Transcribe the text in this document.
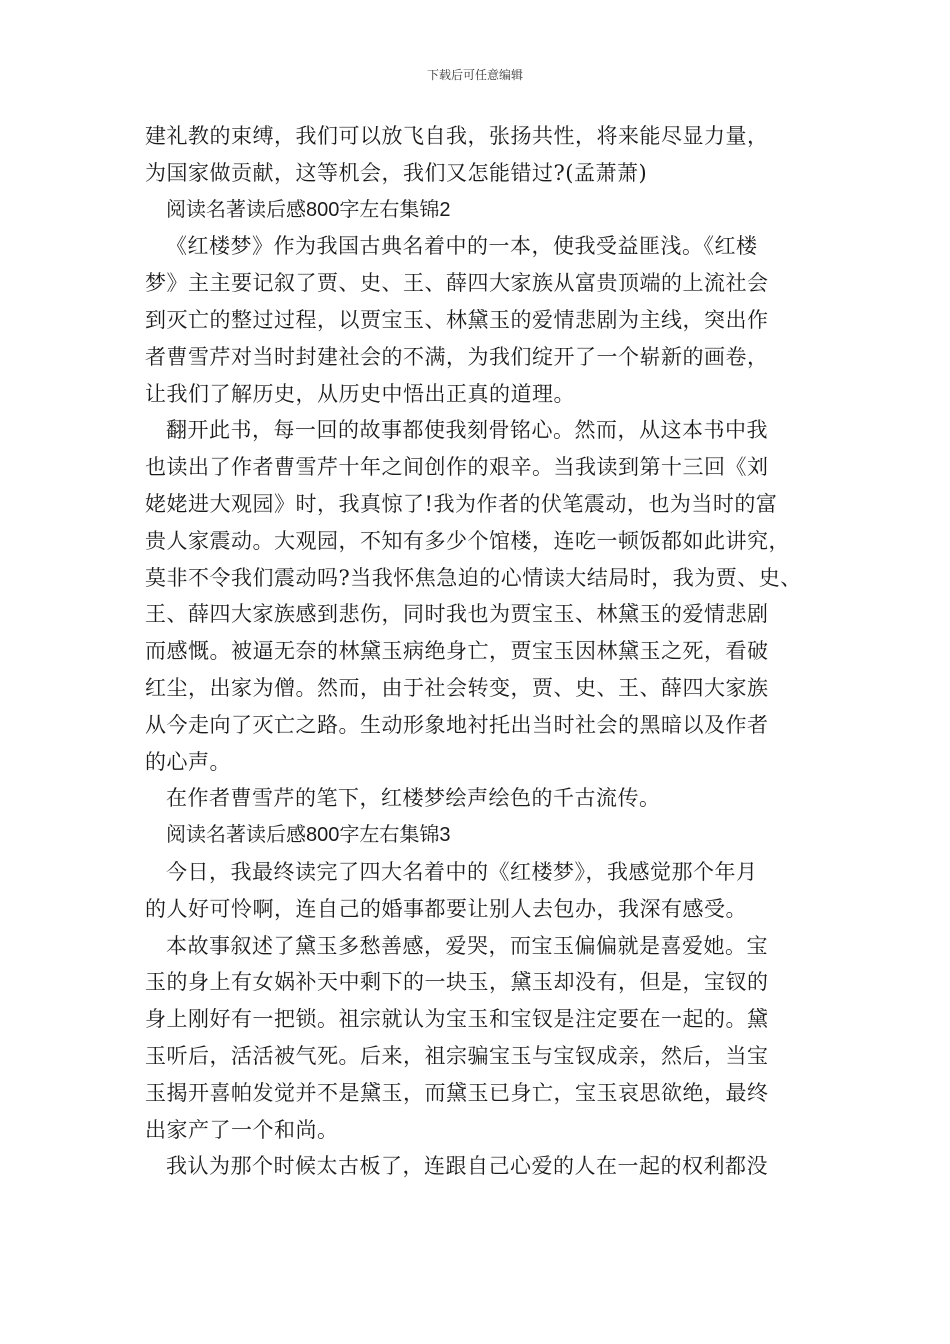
下载后可任意编辑
建礼教的束缚，我们可以放飞自我，张扬共性，将来能尽显力量，
为国家做贡献，这等机会，我们又怎能错过?(孟萧萧)
阅读名著读后感800字左右集锦2
《红楼梦》作为我国古典名着中的一本，使我受益匪浅。《红楼
梦》主主要记叙了贾、史、王、薛四大家族从富贵顶端的上流社会
到灭亡的整过过程，以贾宝玉、林黛玉的爱情悲剧为主线，突出作
者曹雪芹对当时封建社会的不满，为我们绽开了一个崭新的画卷，
让我们了解历史，从历史中悟出正真的道理。
翻开此书，每一回的故事都使我刻骨铭心。然而，从这本书中我
也读出了作者曹雪芹十年之间创作的艰辛。当我读到第十三回《刘
姥姥进大观园》时，我真惊了!我为作者的伏笔震动，也为当时的富
贵人家震动。大观园，不知有多少个馆楼，连吃一顿饭都如此讲究，
莫非不令我们震动吗?当我怀焦急迫的心情读大结局时，我为贾、史、
王、薛四大家族感到悲伤，同时我也为贾宝玉、林黛玉的爱情悲剧
而感慨。被逼无奈的林黛玉病绝身亡，贾宝玉因林黛玉之死，看破
红尘，出家为僧。然而，由于社会转变，贾、史、王、薛四大家族
从今走向了灭亡之路。生动形象地衬托出当时社会的黑暗以及作者
的心声。
在作者曹雪芹的笔下，红楼梦绘声绘色的千古流传。
阅读名著读后感800字左右集锦3
今日，我最终读完了四大名着中的《红楼梦》，我感觉那个年月
的人好可怜啊，连自己的婚事都要让别人去包办，我深有感受。
本故事叙述了黛玉多愁善感，爱哭，而宝玉偏偏就是喜爱她。宝
玉的身上有女娲补天中剩下的一块玉，黛玉却没有，但是，宝钗的
身上刚好有一把锁。祖宗就认为宝玉和宝钗是注定要在一起的。黛
玉听后，活活被气死。后来，祖宗骗宝玉与宝钗成亲，然后，当宝
玉揭开喜帕发觉并不是黛玉，而黛玉已身亡，宝玉哀思欲绝，最终
出家产了一个和尚。
我认为那个时候太古板了，连跟自己心爱的人在一起的权利都没
